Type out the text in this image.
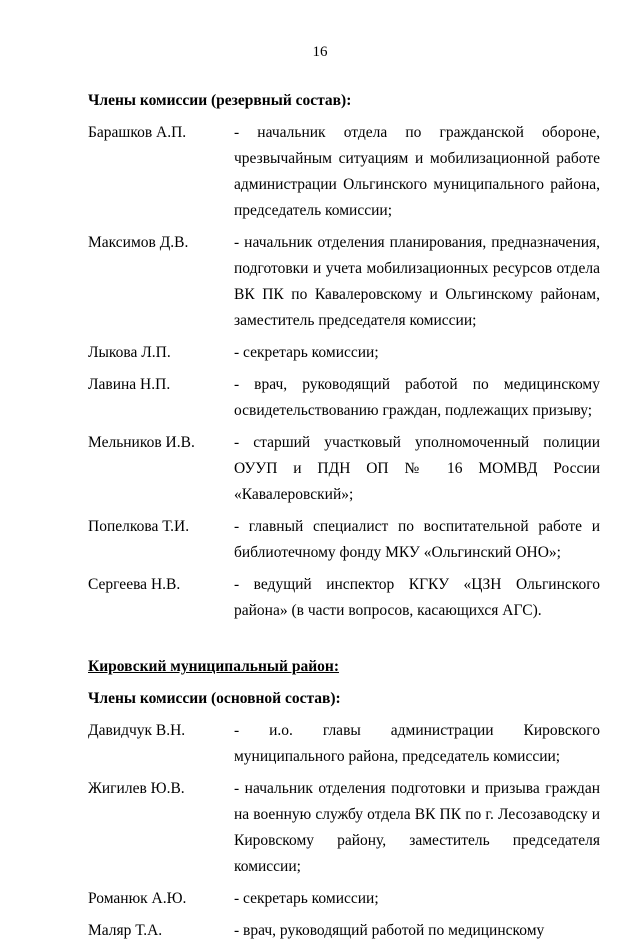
16

Члены комиссии (резервный состав):

Барашков А.П.	- начальник отдела по гражданской обороне, чрезвычайным ситуациям и мобилизационной работе администрации Ольгинского муниципального района, председатель комиссии;
Максимов Д.В.	- начальник отделения планирования, предназначения, подготовки и учета мобилизационных ресурсов отдела ВК ПК по Кавалеровскому и Ольгинскому районам, заместитель председателя комиссии;
Лыкова Л.П.	- секретарь комиссии;
Лавина Н.П.	- врач, руководящий работой по медицинскому освидетельствованию граждан, подлежащих призыву;
Мельников И.В.	- старший участковый уполномоченный полиции ОУУП и ПДН ОП № 16 МОМВД России «Кавалеровский»;
Попелкова Т.И.	- главный специалист по воспитательной работе и библиотечному фонду МКУ «Ольгинский ОНО»;
Сергеева Н.В.	- ведущий инспектор КГКУ «ЦЗН Ольгинского района» (в части вопросов, касающихся АГС).

Кировский муниципальный район:

Члены комиссии (основной состав):

Давидчук В.Н.	- и.о. главы администрации Кировского муниципального района, председатель комиссии;
Жигилев Ю.В.	- начальник отделения подготовки и призыва граждан на военную службу отдела ВК ПК по г. Лесозаводску и Кировскому району, заместитель председателя комиссии;
Романюк А.Ю.	- секретарь комиссии;
Маляр Т.А.	- врач, руководящий работой по медицинскому
